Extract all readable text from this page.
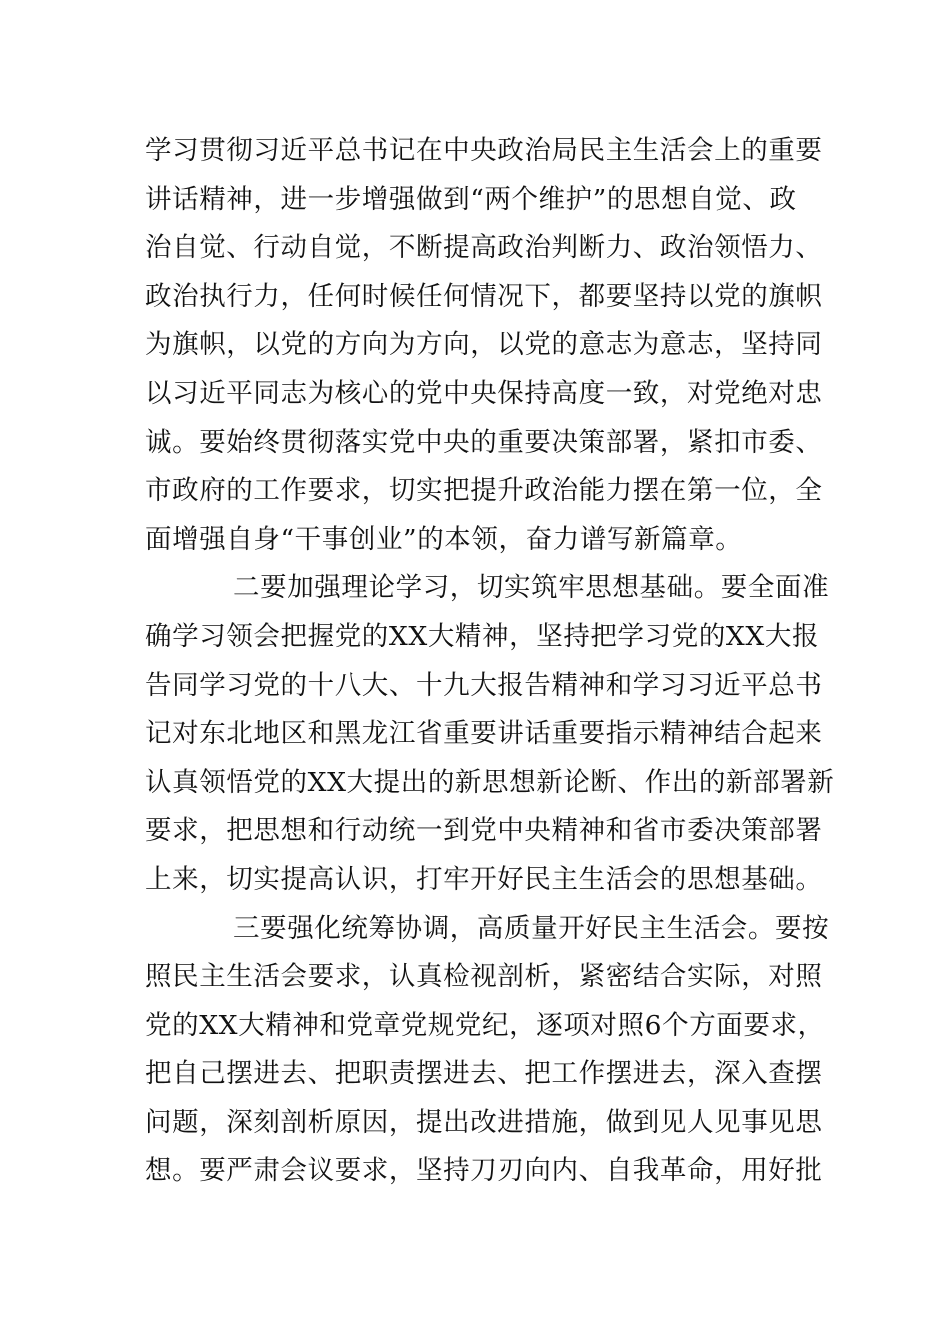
学习贯彻习近平总书记在中央政治局民主生活会上的重要
讲话精神，进一步增强做到“两个维护”的思想自觉、政
治自觉、行动自觉，不断提高政治判断力、政治领悟力、
政治执行力，任何时候任何情况下，都要坚持以党的旗帜
为旗帜，以党的方向为方向，以党的意志为意志，坚持同
以习近平同志为核心的党中央保持高度一致，对党绝对忠
诚。要始终贯彻落实党中央的重要决策部署，紧扣市委、
市政府的工作要求，切实把提升政治能力摆在第一位，全
面增强自身“干事创业”的本领，奋力谱写新篇章。
二要加强理论学习，切实筑牢思想基础。要全面准
确学习领会把握党的XX大精神，坚持把学习党的XX大报
告同学习党的十八大、十九大报告精神和学习习近平总书
记对东北地区和黑龙江省重要讲话重要指示精神结合起来
认真领悟党的XX大提出的新思想新论断、作出的新部署新
要求，把思想和行动统一到党中央精神和省市委决策部署
上来，切实提高认识，打牢开好民主生活会的思想基础。
三要强化统筹协调，高质量开好民主生活会。要按
照民主生活会要求，认真检视剖析，紧密结合实际，对照
党的XX大精神和党章党规党纪，逐项对照6个方面要求，
把自己摆进去、把职责摆进去、把工作摆进去，深入查摆
问题，深刻剖析原因，提出改进措施，做到见人见事见思
想。要严肃会议要求，坚持刀刃向内、自我革命，用好批
